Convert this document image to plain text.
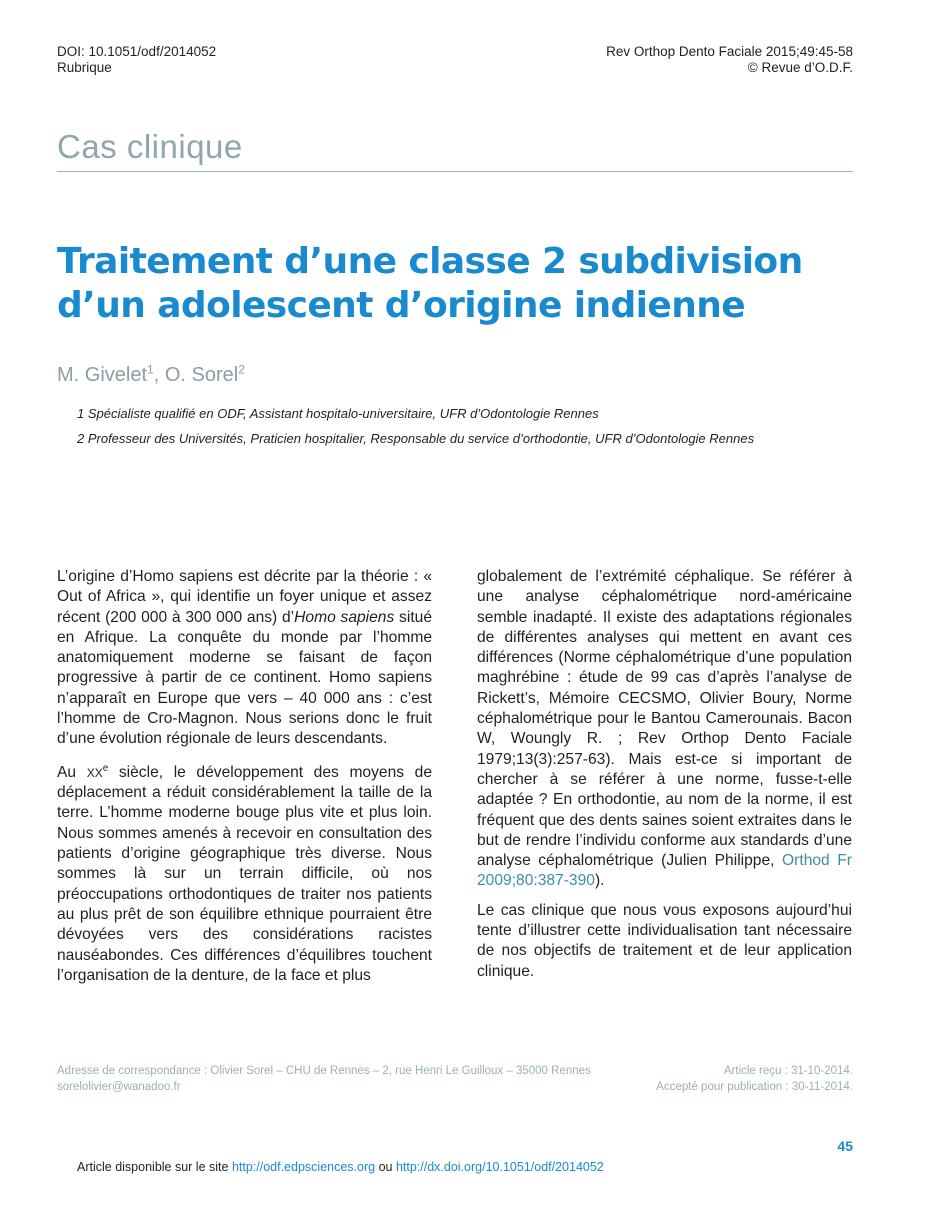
DOI: 10.1051/odf/2014052
Rubrique
Rev Orthop Dento Faciale 2015;49:45-58
© Revue d’O.D.F.
Cas clinique
Traitement d’une classe 2 subdivision
d’un adolescent d’origine indienne
M. Givelet$^1$, O. Sorel$^2$
1 Spécialiste qualifié en ODF, Assistant hospitalo-universitaire, UFR d’Odontologie Rennes
2 Professeur des Universités, Praticien hospitalier, Responsable du service d’orthodontie, UFR d’Odontologie Rennes

L’origine d’Homo sapiens est décrite par la théorie : « Out of Africa », qui identifie un foyer unique et assez récent (200 000 à 300 000 ans) d’Homo sapiens situé en Afrique. La conquête du monde par l’homme anatomiquement moderne se faisant de façon progressive à partir de ce continent. Homo sapiens n’apparaît en Europe que vers – 40 000 ans : c’est l’homme de Cro-Magnon. Nous serions donc le fruit d’une évolution régionale de leurs descendants.

Au XXe siècle, le développement des moyens de déplacement a réduit considérablement la taille de la terre. L’homme moderne bouge plus vite et plus loin. Nous sommes amenés à recevoir en consultation des patients d’origine géographique très diverse. Nous sommes là sur un terrain difficile, où nos préoccupations orthodontiques de traiter nos patients au plus prêt de son équilibre ethnique pourraient être dévoyées vers des considérations racistes nauséabondes. Ces différences d’équilibres touchent l’organisation de la denture, de la face et plus

globalement de l’extrémité céphalique. Se référer à une analyse céphalométrique nord-américaine semble inadapté. Il existe des adaptations régionales de différentes analyses qui mettent en avant ces différences (Norme céphalométrique d’une population maghrébine : étude de 99 cas d’après l’analyse de Rickett’s, Mémoire CECSMO, Olivier Boury, Norme céphalométrique pour le Bantou Camerounais. Bacon W, Woungly R. ; Rev Orthop Dento Faciale 1979;13(3):257-63). Mais est-ce si important de chercher à se référer à une norme, fusse-t-elle adaptée ? En orthodontie, au nom de la norme, il est fréquent que des dents saines soient extraites dans le but de rendre l’individu conforme aux standards d’une analyse céphalométrique (Julien Philippe, Orthod Fr 2009;80:387-390).

Le cas clinique que nous vous exposons aujourd’hui tente d’illustrer cette individualisation tant nécessaire de nos objectifs de traitement et de leur application clinique.

Adresse de correspondance : Olivier Sorel – CHU de Rennes – 2, rue Henri Le Guilloux – 35000 Rennes
sorelolivier@wanadoo.fr
Article reçu : 31-10-2014.
Accepté pour publication : 30-11-2014.
45
Article disponible sur le site http://odf.edpsciences.org ou http://dx.doi.org/10.1051/odf/2014052
